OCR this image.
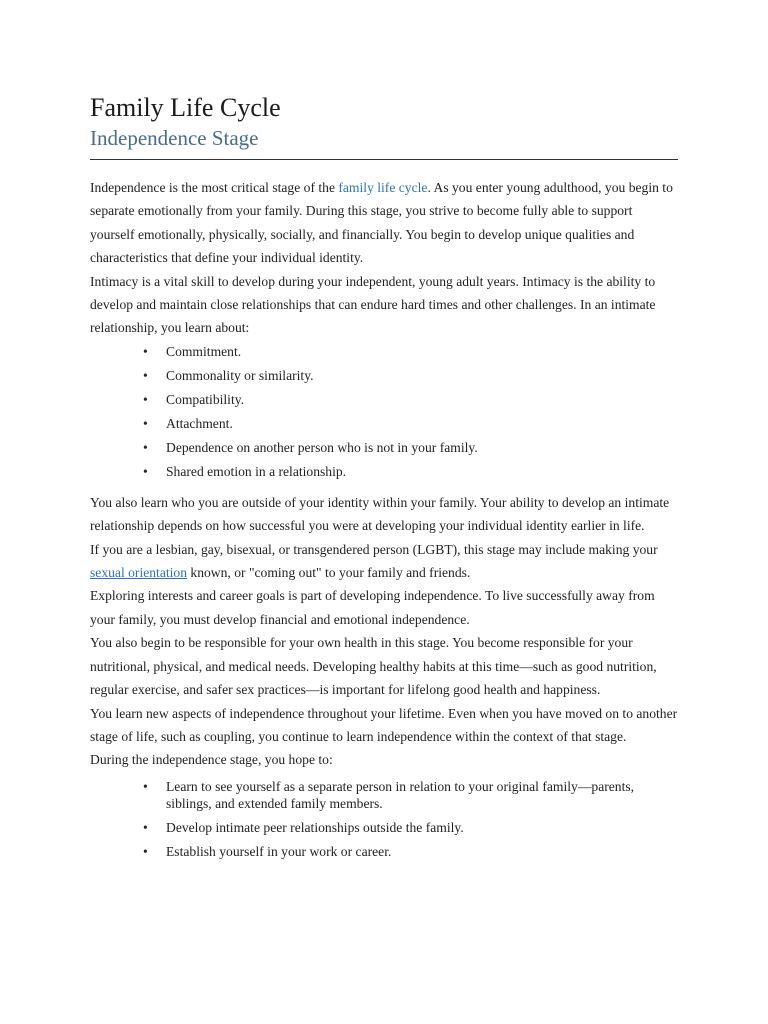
Family Life Cycle
Independence Stage

Independence is the most critical stage of the family life cycle. As you enter young adulthood, you begin to separate emotionally from your family. During this stage, you strive to become fully able to support yourself emotionally, physically, socially, and financially. You begin to develop unique qualities and characteristics that define your individual identity.

Intimacy is a vital skill to develop during your independent, young adult years. Intimacy is the ability to develop and maintain close relationships that can endure hard times and other challenges. In an intimate relationship, you learn about:

• Commitment.
• Commonality or similarity.
• Compatibility.
• Attachment.
• Dependence on another person who is not in your family.
• Shared emotion in a relationship.

You also learn who you are outside of your identity within your family. Your ability to develop an intimate relationship depends on how successful you were at developing your individual identity earlier in life.

If you are a lesbian, gay, bisexual, or transgendered person (LGBT), this stage may include making your sexual orientation known, or "coming out" to your family and friends.

Exploring interests and career goals is part of developing independence. To live successfully away from your family, you must develop financial and emotional independence.

You also begin to be responsible for your own health in this stage. You become responsible for your nutritional, physical, and medical needs. Developing healthy habits at this time—such as good nutrition, regular exercise, and safer sex practices—is important for lifelong good health and happiness.

You learn new aspects of independence throughout your lifetime. Even when you have moved on to another stage of life, such as coupling, you continue to learn independence within the context of that stage.

During the independence stage, you hope to:

• Learn to see yourself as a separate person in relation to your original family—parents, siblings, and extended family members.
• Develop intimate peer relationships outside the family.
• Establish yourself in your work or career.
